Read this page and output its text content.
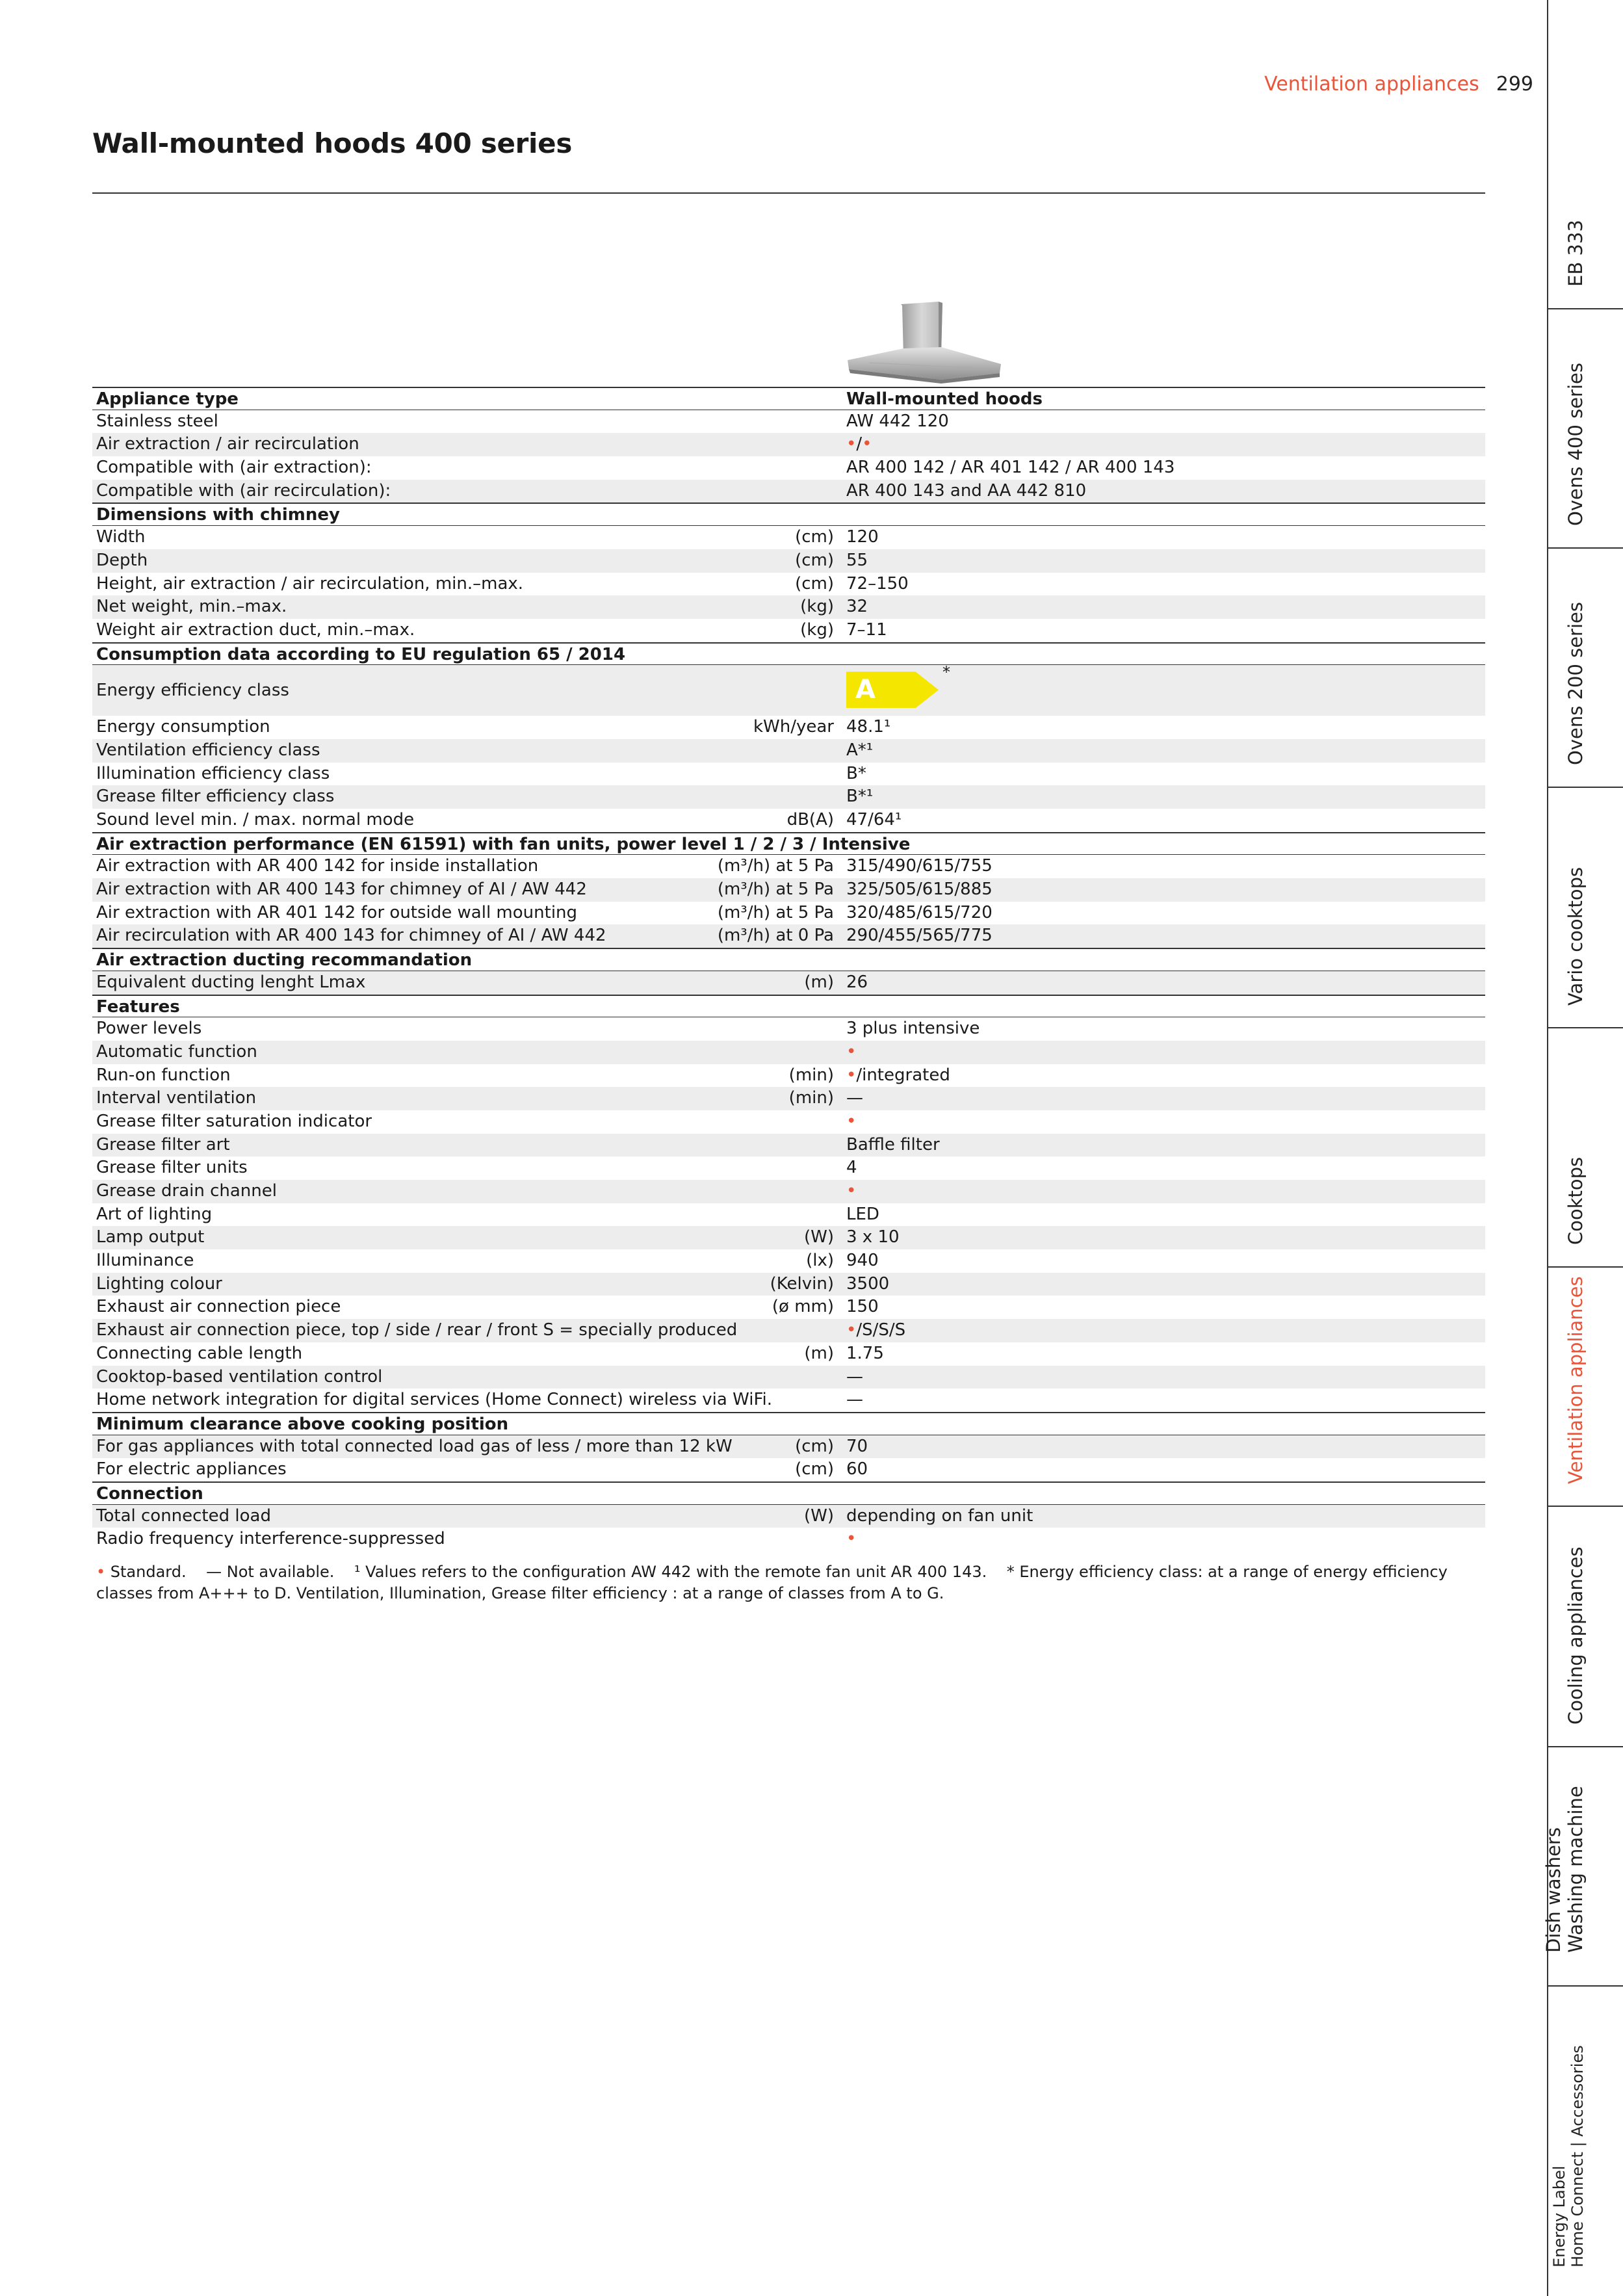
Ventilation appliances 299
Wall-mounted hoods 400 series
Appliance type	Wall-mounted hoods
Stainless steel	AW 442 120
Air extraction / air recirculation	•/•
Compatible with (air extraction):	AR 400 142 / AR 401 142 / AR 400 143
Compatible with (air recirculation):	AR 400 143 and AA 442 810
Dimensions with chimney
Width	(cm) 120
Depth	(cm) 55
Height, air extraction / air recirculation, min.–max.	(cm) 72–150
Net weight, min.–max.	(kg) 32
Weight air extraction duct, min.–max.	(kg) 7–11
Consumption data according to EU regulation 65 / 2014
Energy efficiency class	A
*
Energy consumption	kWh/year 48.1¹
Ventilation efficiency class	A*¹
Illumination efficiency class	B*
Grease filter efficiency class	B*¹
Sound level min. / max. normal mode	dB(A) 47/64¹
Air extraction performance (EN 61591) with fan units, power level 1 / 2 / 3 / Intensive
Air extraction with AR 400 142 for inside installation	(m³/h) at 5 Pa 315/490/615/755
Air extraction with AR 400 143 for chimney of AI / AW 442	(m³/h) at 5 Pa 325/505/615/885
Air extraction with AR 401 142 for outside wall mounting	(m³/h) at 5 Pa 320/485/615/720
Air recirculation with AR 400 143 for chimney of AI / AW 442	(m³/h) at 0 Pa 290/455/565/775
Air extraction ducting recommandation
Equivalent ducting lenght Lmax	(m) 26
Features
Power levels	3 plus intensive
Automatic function	•
Run-on function	(min) •/integrated
Interval ventilation	(min) —
Grease filter saturation indicator	•
Grease filter art	Baffle filter
Grease filter units	4
Grease drain channel	•
Art of lighting	LED
Lamp output	(W) 3 x 10
Illuminance	(lx) 940
Lighting colour	(Kelvin) 3500
Exhaust air connection piece	(ø mm) 150
Exhaust air connection piece, top / side / rear / front S = specially produced	•/S/S/S
Connecting cable length	(m) 1.75
Cooktop-based ventilation control	—
Home network integration for digital services (Home Connect) wireless via WiFi.	—
Minimum clearance above cooking position
For gas appliances with total connected load gas of less / more than 12 kW	(cm) 70
For electric appliances	(cm) 60
Connection
Total connected load	(W) depending on fan unit
Radio frequency interference-suppressed	•
• Standard. — Not available. ¹ Values refers to the configuration AW 442 with the remote fan unit AR 400 143. * Energy efficiency class: at a range of energy efficiency classes from A+++ to D. Ventilation, Illumination, Grease filter efficiency : at a range of classes from A to G.
EB 333
Ovens 400 series
Ovens 200 series
Vario cooktops
Cooktops
Ventilation appliances
Cooling appliances
Dish washers Washing machine
Energy Label Home Connect | Accessories
